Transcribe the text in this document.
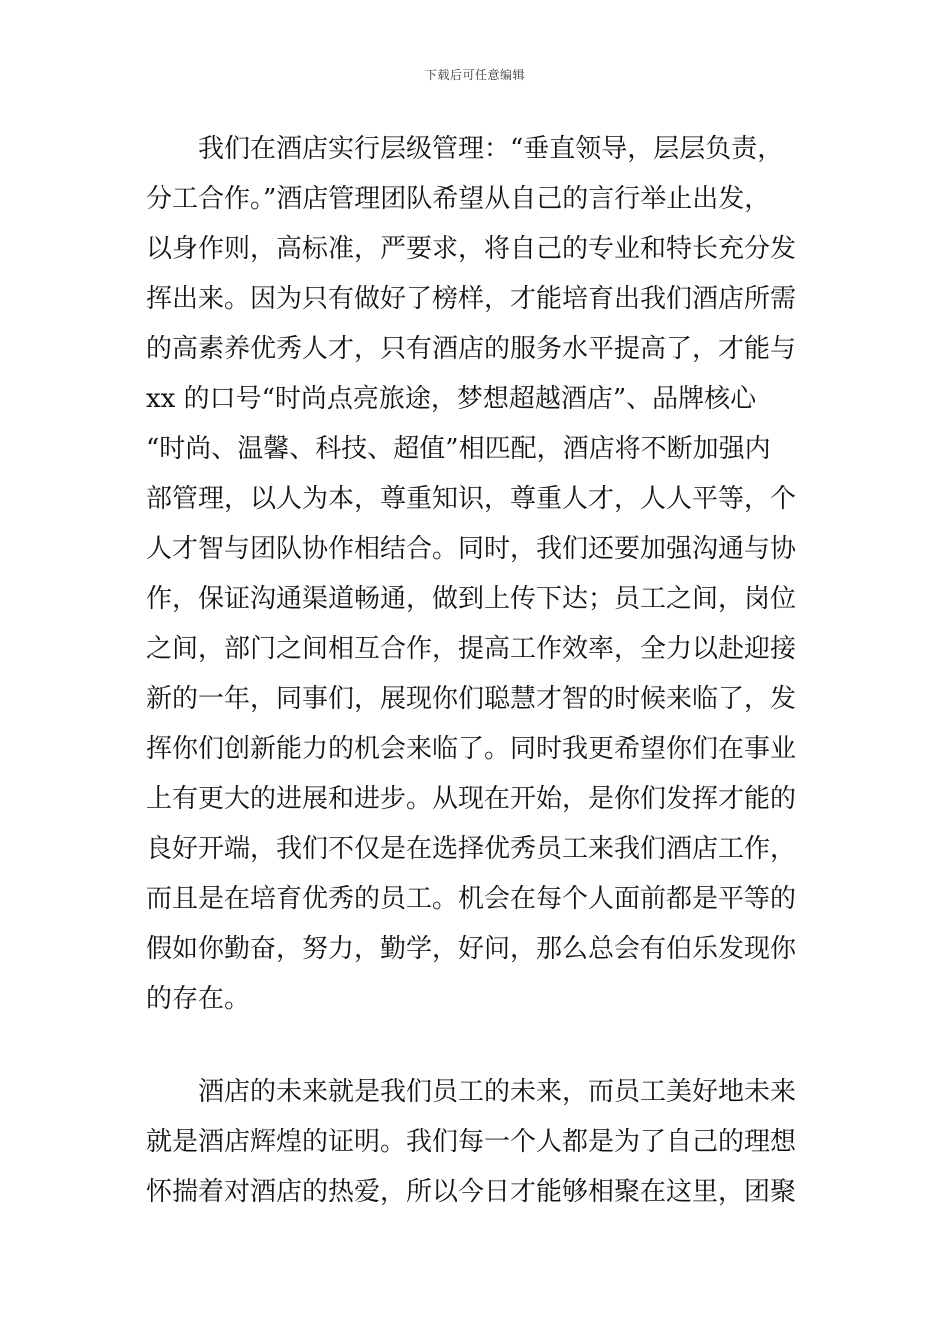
下载后可任意编辑
我们在酒店实行层级管理：“垂直领导，层层负责，
分工合作。”酒店管理团队希望从自己的言行举止出发，
以身作则，高标准，严要求，将自己的专业和特长充分发
挥出来。因为只有做好了榜样，才能培育出我们酒店所需
的高素养优秀人才，只有酒店的服务水平提高了，才能与
xx 的口号“时尚点亮旅途，梦想超越酒店”、品牌核心
“时尚、温馨、科技、超值”相匹配，酒店将不断加强内
部管理，以人为本，尊重知识，尊重人才，人人平等，个
人才智与团队协作相结合。同时，我们还要加强沟通与协
作，保证沟通渠道畅通，做到上传下达；员工之间，岗位
之间，部门之间相互合作，提高工作效率，全力以赴迎接
新的一年，同事们，展现你们聪慧才智的时候来临了，发
挥你们创新能力的机会来临了。同时我更希望你们在事业
上有更大的进展和进步。从现在开始，是你们发挥才能的
良好开端，我们不仅是在选择优秀员工来我们酒店工作，
而且是在培育优秀的员工。机会在每个人面前都是平等的
假如你勤奋，努力，勤学，好问，那么总会有伯乐发现你
的存在。
酒店的未来就是我们员工的未来，而员工美好地未来
就是酒店辉煌的证明。我们每一个人都是为了自己的理想
怀揣着对酒店的热爱，所以今日才能够相聚在这里，团聚
